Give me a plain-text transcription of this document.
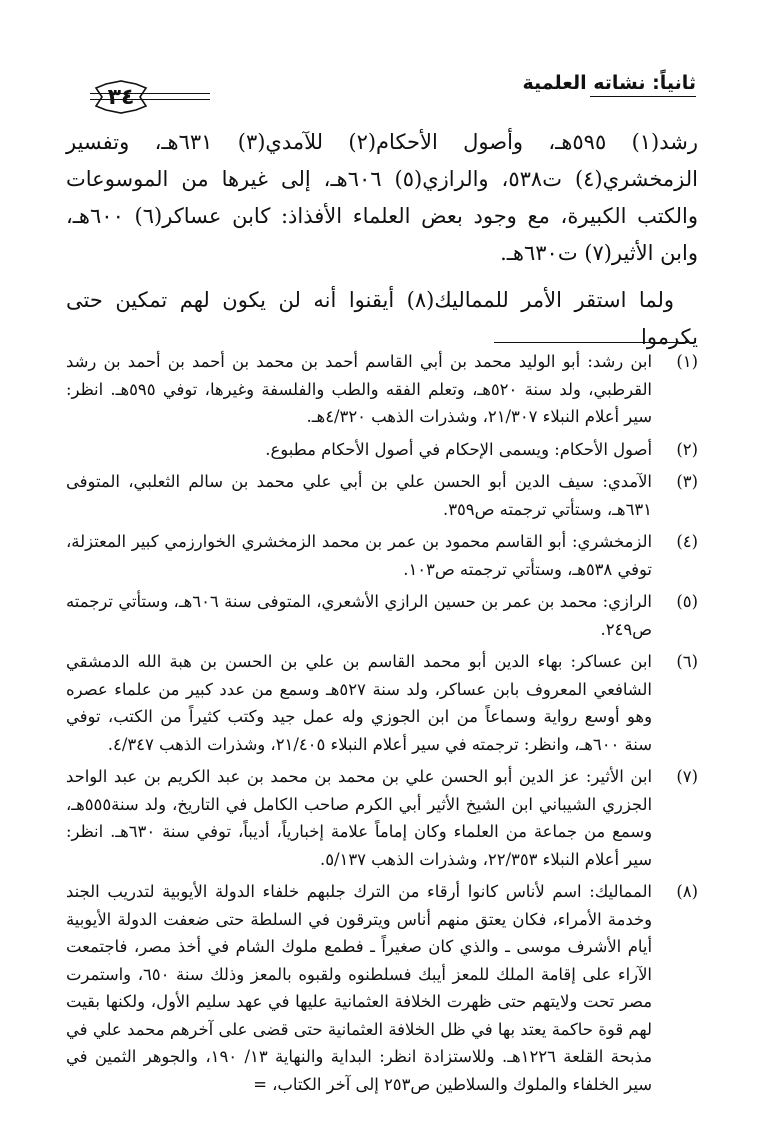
ثانياً: نشاته العلمية
٣٤

رشد(١) ٥٩٥هـ، وأصول الأحكام(٢) للآمدي(٣) ٦٣١هـ، وتفسير الزمخشري(٤) ت٥٣٨، والرازي(٥) ٦٠٦هـ، إلى غيرها من الموسوعات والكتب الكبيرة، مع وجود بعض العلماء الأفذاذ: كابن عساكر(٦) ٦٠٠هـ، وابن الأثير(٧) ت٦٣٠هـ.

ولما استقر الأمر للمماليك(٨) أيقنوا أنه لن يكون لهم تمكين حتى يكرموا

(١)
ابن رشد: أبو الوليد محمد بن أبي القاسم أحمد بن محمد بن أحمد بن أحمد بن رشد القرطبي، ولد سنة ٥٢٠هـ، وتعلم الفقه والطب والفلسفة وغيرها، توفي ٥٩٥هـ. انظر: سير أعلام النبلاء ٢١/٣٠٧، وشذرات الذهب ٤/٣٢٠هـ.
(٢)
أصول الأحكام: ويسمى الإحكام في أصول الأحكام مطبوع.
(٣)
الآمدي: سيف الدين أبو الحسن علي بن أبي علي محمد بن سالم الثعلبي، المتوفى ٦٣١هـ، وستأتي ترجمته ص٣٥٩.
(٤)
الزمخشري: أبو القاسم محمود بن عمر بن محمد الزمخشري الخوارزمي كبير المعتزلة، توفي ٥٣٨هـ، وستأتي ترجمته ص١٠٣.
(٥)
الرازي: محمد بن عمر بن حسين الرازي الأشعري، المتوفى سنة ٦٠٦هـ، وستأتي ترجمته ص٢٤٩.
(٦)
ابن عساكر: بهاء الدين أبو محمد القاسم بن علي بن الحسن بن هبة الله الدمشقي الشافعي المعروف بابن عساكر، ولد سنة ٥٢٧هـ وسمع من عدد كبير من علماء عصره وهو أوسع رواية وسماعاً من ابن الجوزي وله عمل جيد وكتب كثيراً من الكتب، توفي سنة ٦٠٠هـ، وانظر: ترجمته في سير أعلام النبلاء ٢١/٤٠٥، وشذرات الذهب ٤/٣٤٧.
(٧)
ابن الأثير: عز الدين أبو الحسن علي بن محمد بن محمد بن عبد الكريم بن عبد الواحد الجزري الشيباني ابن الشيخ الأثير أبي الكرم صاحب الكامل في التاريخ، ولد سنة٥٥٥هـ، وسمع من جماعة من العلماء وكان إماماً علامة إخبارياً، أديباً، توفي سنة ٦٣٠هـ. انظر: سير أعلام النبلاء ٢٢/٣٥٣، وشذرات الذهب ٥/١٣٧.
(٨)
المماليك: اسم لأناس كانوا أرقاء من الترك جلبهم خلفاء الدولة الأيوبية لتدريب الجند وخدمة الأمراء، فكان يعتق منهم أناس ويترقون في السلطة حتى ضعفت الدولة الأيوبية أيام الأشرف موسى ـ والذي كان صغيراً ـ فطمع ملوك الشام في أخذ مصر، فاجتمعت الآراء على إقامة الملك للمعز أيبك فسلطنوه ولقبوه بالمعز وذلك سنة ٦٥٠، واستمرت مصر تحت ولايتهم حتى ظهرت الخلافة العثمانية عليها في عهد سليم الأول، ولكنها بقيت لهم قوة حاكمة يعتد بها في ظل الخلافة العثمانية حتى قضى على آخرهم محمد علي في مذبحة القلعة ١٢٢٦هـ. وللاستزادة انظر: البداية والنهاية ١٣/ ١٩٠، والجوهر الثمين في سير الخلفاء والملوك والسلاطين ص٢٥٣ إلى آخر الكتاب، =
